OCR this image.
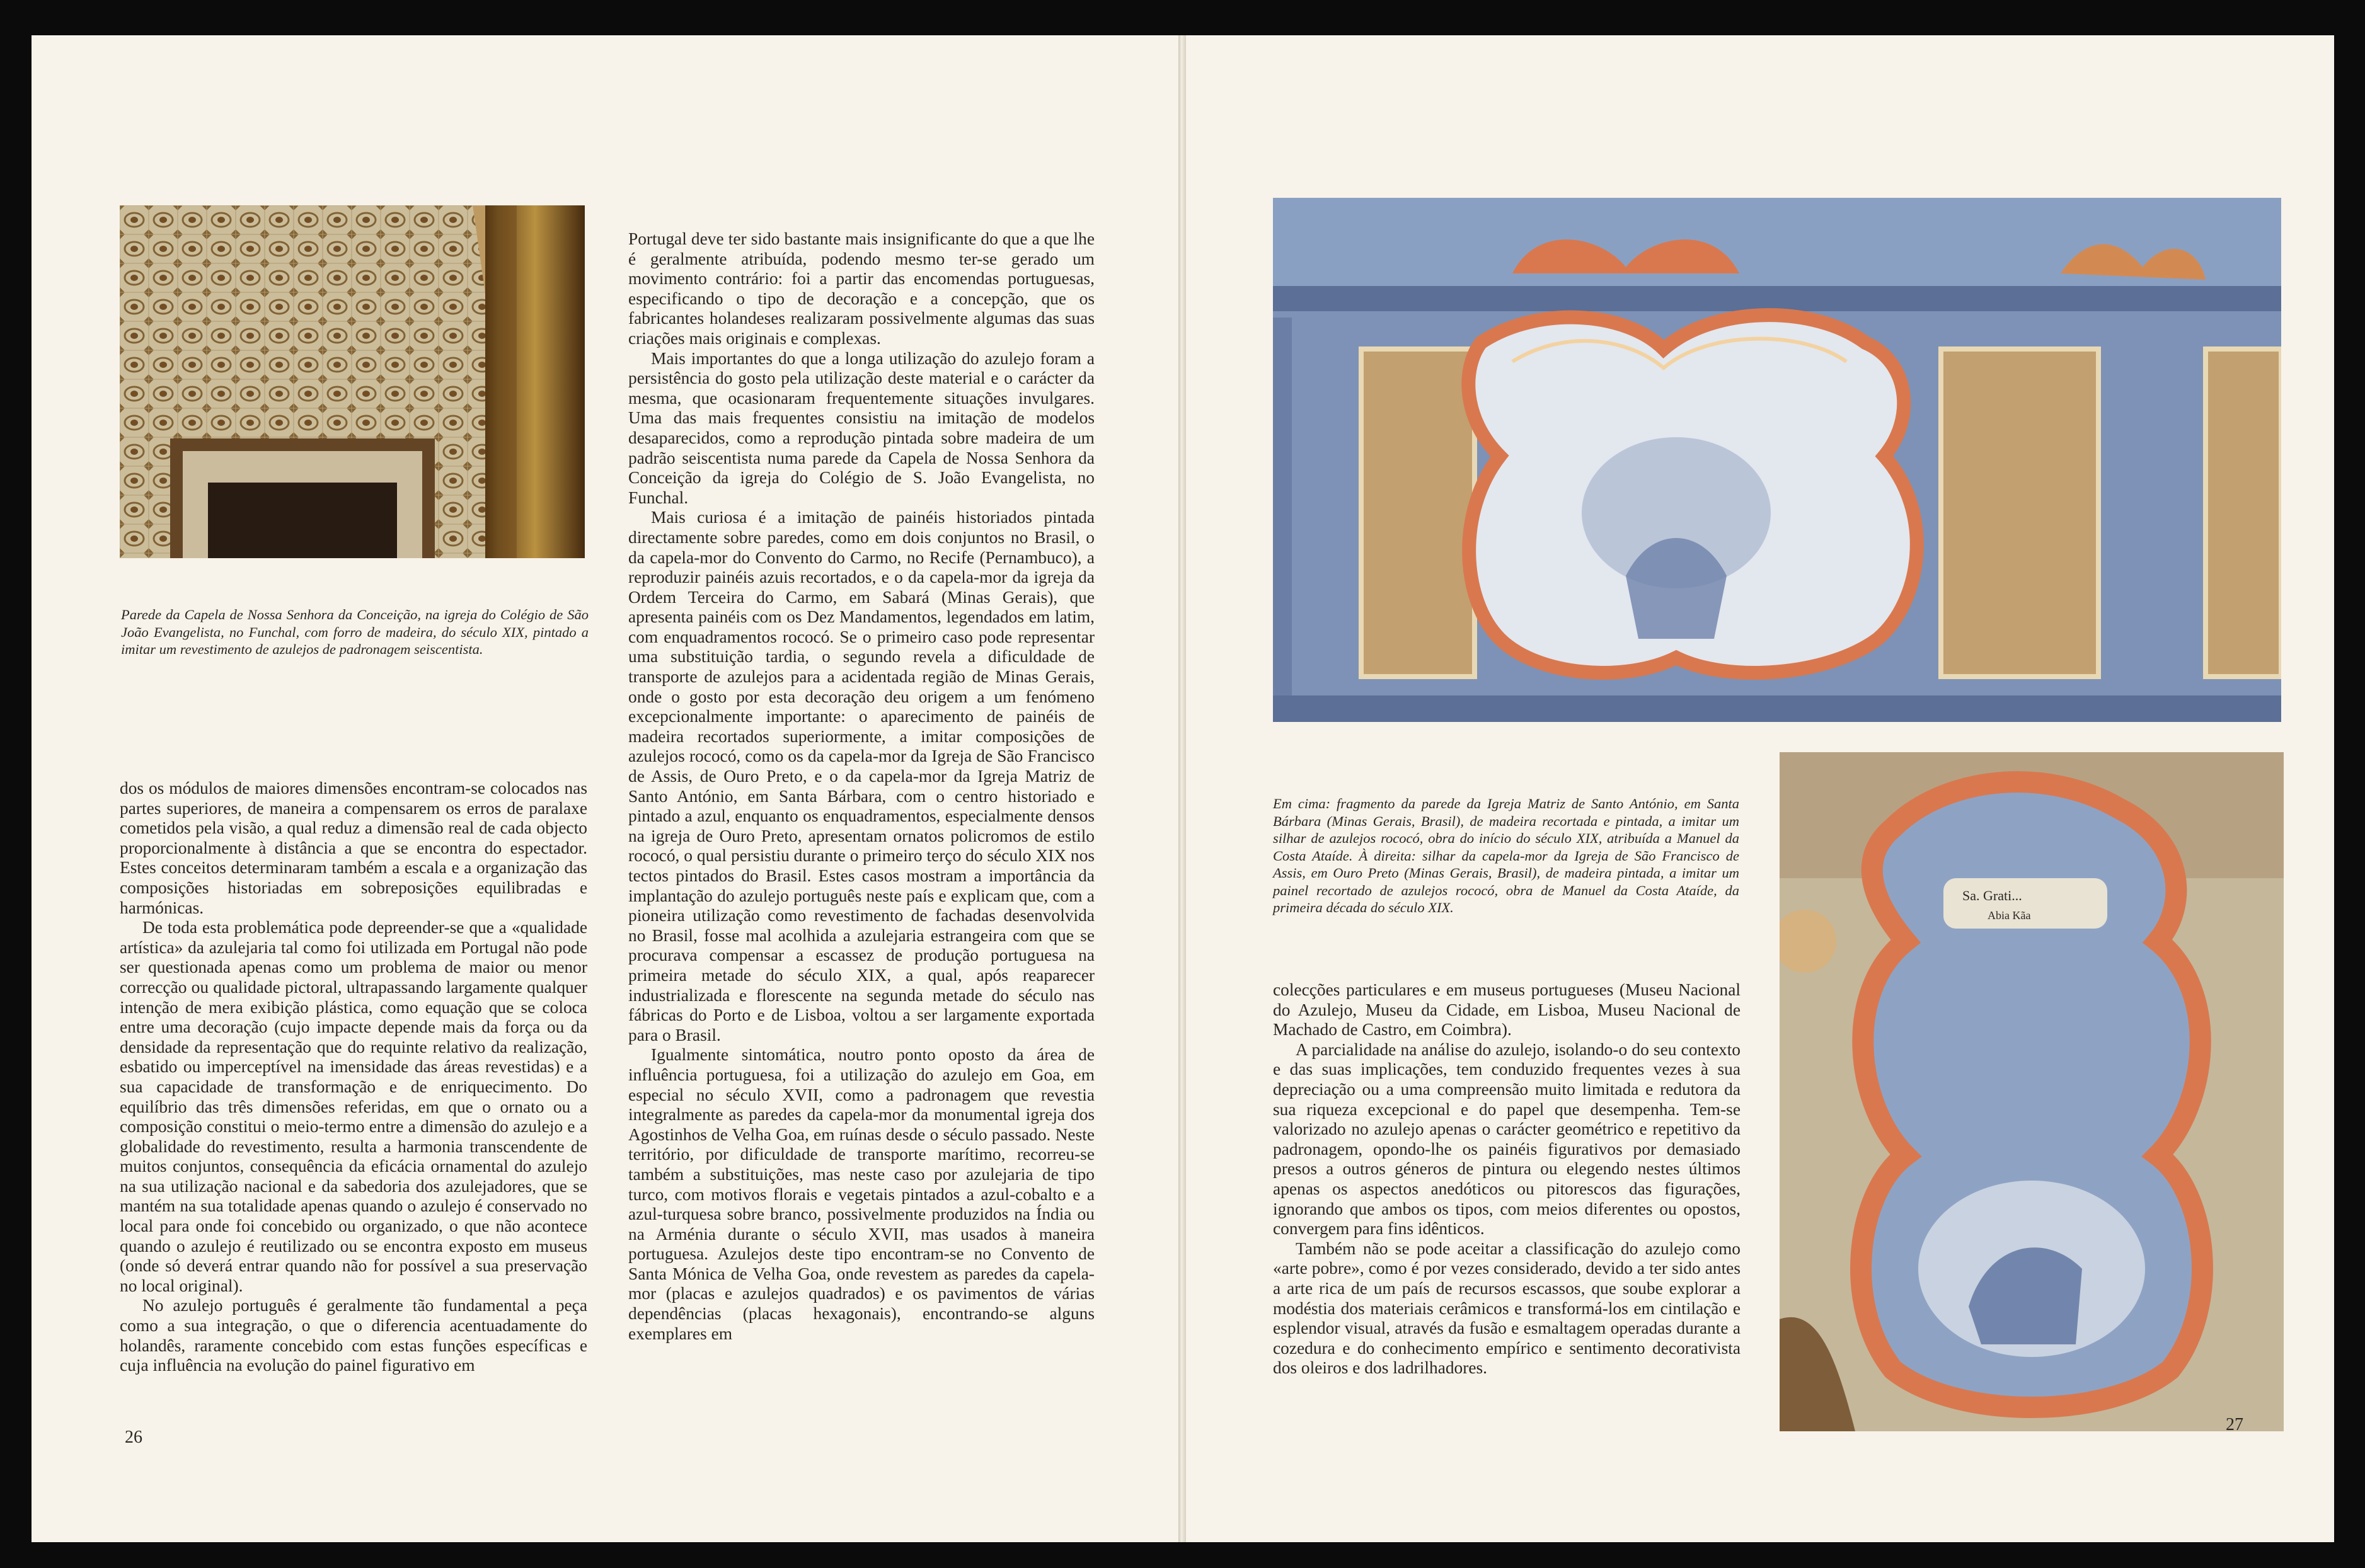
Parede da Capela de Nossa Senhora da Conceição, na igreja do Colégio de São João Evangelista, no Funchal, com forro de madeira, do século XIX, pintado a imitar um revestimento de azulejos de padronagem seiscentista.

dos os módulos de maiores dimensões encontram-se colocados nas partes superiores, de maneira a compensarem os erros de paralaxe cometidos pela visão, a qual reduz a dimensão real de cada objecto proporcionalmente à distância a que se encontra do espectador. Estes conceitos determinaram também a escala e a organização das composições historiadas em sobreposições equilibradas e harmónicas.

De toda esta problemática pode depreender-se que a «qualidade artística» da azulejaria tal como foi utilizada em Portugal não pode ser questionada apenas como um problema de maior ou menor correcção ou qualidade pictoral, ultrapassando largamente qualquer intenção de mera exibição plástica, como equação que se coloca entre uma decoração (cujo impacte depende mais da força ou da densidade da representação que do requinte relativo da realização, esbatido ou imperceptível na imensidade das áreas revestidas) e a sua capacidade de transformação e de enriquecimento. Do equilíbrio das três dimensões referidas, em que o ornato ou a composição constitui o meio-termo entre a dimensão do azulejo e a globalidade do revestimento, resulta a harmonia transcendente de muitos conjuntos, consequência da eficácia ornamental do azulejo na sua utilização nacional e da sabedoria dos azulejadores, que se mantém na sua totalidade apenas quando o azulejo é conservado no local para onde foi concebido ou organizado, o que não acontece quando o azulejo é reutilizado ou se encontra exposto em museus (onde só deverá entrar quando não for possível a sua preservação no local original).

No azulejo português é geralmente tão fundamental a peça como a sua integração, o que o diferencia acentuadamente do holandês, raramente concebido com estas funções específicas e cuja influência na evolução do painel figurativo em

Portugal deve ter sido bastante mais insignificante do que a que lhe é geralmente atribuída, podendo mesmo ter-se gerado um movimento contrário: foi a partir das encomendas portuguesas, especificando o tipo de decoração e a concepção, que os fabricantes holandeses realizaram possivelmente algumas das suas criações mais originais e complexas.

Mais importantes do que a longa utilização do azulejo foram a persistência do gosto pela utilização deste material e o carácter da mesma, que ocasionaram frequentemente situações invulgares. Uma das mais frequentes consistiu na imitação de modelos desaparecidos, como a reprodução pintada sobre madeira de um padrão seiscentista numa parede da Capela de Nossa Senhora da Conceição da igreja do Colégio de S. João Evangelista, no Funchal.

Mais curiosa é a imitação de painéis historiados pintada directamente sobre paredes, como em dois conjuntos no Brasil, o da capela-mor do Convento do Carmo, no Recife (Pernambuco), a reproduzir painéis azuis recortados, e o da capela-mor da igreja da Ordem Terceira do Carmo, em Sabará (Minas Gerais), que apresenta painéis com os Dez Mandamentos, legendados em latim, com enquadramentos rococó. Se o primeiro caso pode representar uma substituição tardia, o segundo revela a dificuldade de transporte de azulejos para a acidentada região de Minas Gerais, onde o gosto por esta decoração deu origem a um fenómeno excepcionalmente importante: o aparecimento de painéis de madeira recortados superiormente, a imitar composições de azulejos rococó, como os da capela-mor da Igreja de São Francisco de Assis, de Ouro Preto, e o da capela-mor da Igreja Matriz de Santo António, em Santa Bárbara, com o centro historiado e pintado a azul, enquanto os enquadramentos, especialmente densos na igreja de Ouro Preto, apresentam ornatos policromos de estilo rococó, o qual persistiu durante o primeiro terço do século XIX nos tectos pintados do Brasil. Estes casos mostram a importância da implantação do azulejo português neste país e explicam que, com a pioneira utilização como revestimento de fachadas desenvolvida no Brasil, fosse mal acolhida a azulejaria estrangeira com que se procurava compensar a escassez de produção portuguesa na primeira metade do século XIX, a qual, após reaparecer industrializada e florescente na segunda metade do século nas fábricas do Porto e de Lisboa, voltou a ser largamente exportada para o Brasil.

Igualmente sintomática, noutro ponto oposto da área de influência portuguesa, foi a utilização do azulejo em Goa, em especial no século XVII, como a padronagem que revestia integralmente as paredes da capela-mor da monumental igreja dos Agostinhos de Velha Goa, em ruínas desde o século passado. Neste território, por dificuldade de transporte marítimo, recorreu-se também a substituições, mas neste caso por azulejaria de tipo turco, com motivos florais e vegetais pintados a azul-cobalto e a azul-turquesa sobre branco, possivelmente produzidos na Índia ou na Arménia durante o século XVII, mas usados à maneira portuguesa. Azulejos deste tipo encontram-se no Convento de Santa Mónica de Velha Goa, onde revestem as paredes da capela-mor (placas e azulejos quadrados) e os pavimentos de várias dependências (placas hexagonais), encontrando-se alguns exemplares em

26
Em cima: fragmento da parede da Igreja Matriz de Santo António, em Santa Bárbara (Minas Gerais, Brasil), de madeira recortada e pintada, a imitar um silhar de azulejos rococó, obra do início do século XIX, atribuída a Manuel da Costa Ataíde. À direita: silhar da capela-mor da Igreja de São Francisco de Assis, em Ouro Preto (Minas Gerais, Brasil), de madeira pintada, a imitar um painel recortado de azulejos rococó, obra de Manuel da Costa Ataíde, da primeira década do século XIX.
Sa. Grati...
Abia Kãa

colecções particulares e em museus portugueses (Museu Nacional do Azulejo, Museu da Cidade, em Lisboa, Museu Nacional de Machado de Castro, em Coimbra).

A parcialidade na análise do azulejo, isolando-o do seu contexto e das suas implicações, tem conduzido frequentes vezes à sua depreciação ou a uma compreensão muito limitada e redutora da sua riqueza excepcional e do papel que desempenha. Tem-se valorizado no azulejo apenas o carácter geométrico e repetitivo da padronagem, opondo-lhe os painéis figurativos por demasiado presos a outros géneros de pintura ou elegendo nestes últimos apenas os aspectos anedóticos ou pitorescos das figurações, ignorando que ambos os tipos, com meios diferentes ou opostos, convergem para fins idênticos.

Também não se pode aceitar a classificação do azulejo como «arte pobre», como é por vezes considerado, devido a ter sido antes a arte rica de um país de recursos escassos, que soube explorar a modéstia dos materiais cerâmicos e transformá-los em cintilação e esplendor visual, através da fusão e esmaltagem operadas durante a cozedura e do conhecimento empírico e sentimento decorativista dos oleiros e dos ladrilhadores.

27
